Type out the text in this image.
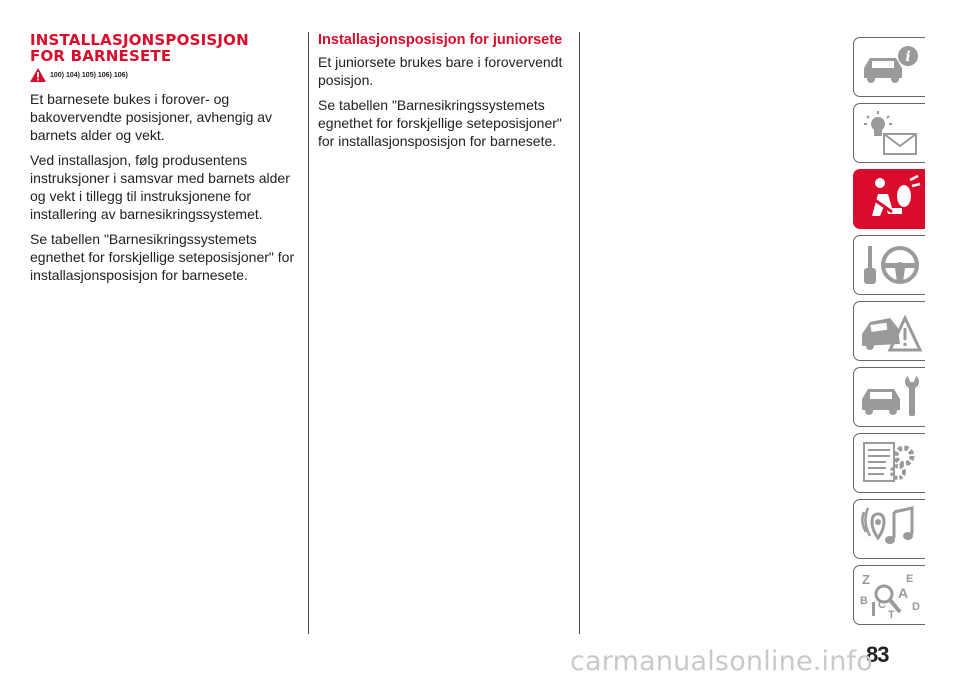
INSTALLASJONSPOSISJON
FOR BARNESETE
100) 104) 105) 106) 106)

Et barnesete bukes i forover- og bakovervendte posisjoner, avhengig av barnets alder og vekt.

Ved installasjon, følg produsentens instruksjoner i samsvar med barnets alder og vekt i tillegg til instruksjonene for installering av barnesikringssystemet.

Se tabellen "Barnesikringssystemets egnethet for forskjellige seteposisjoner" for installasjonsposisjon for barnesete.

Installasjonsposisjon for juniorsete

Et juniorsete brukes bare i forovervendt posisjon.

Se tabellen "Barnesikringssystemets egnethet for forskjellige seteposisjoner" for installasjonsposisjon for barnesete.

i
Z	E
A
B C D
T
83
carmanualsonline.info
